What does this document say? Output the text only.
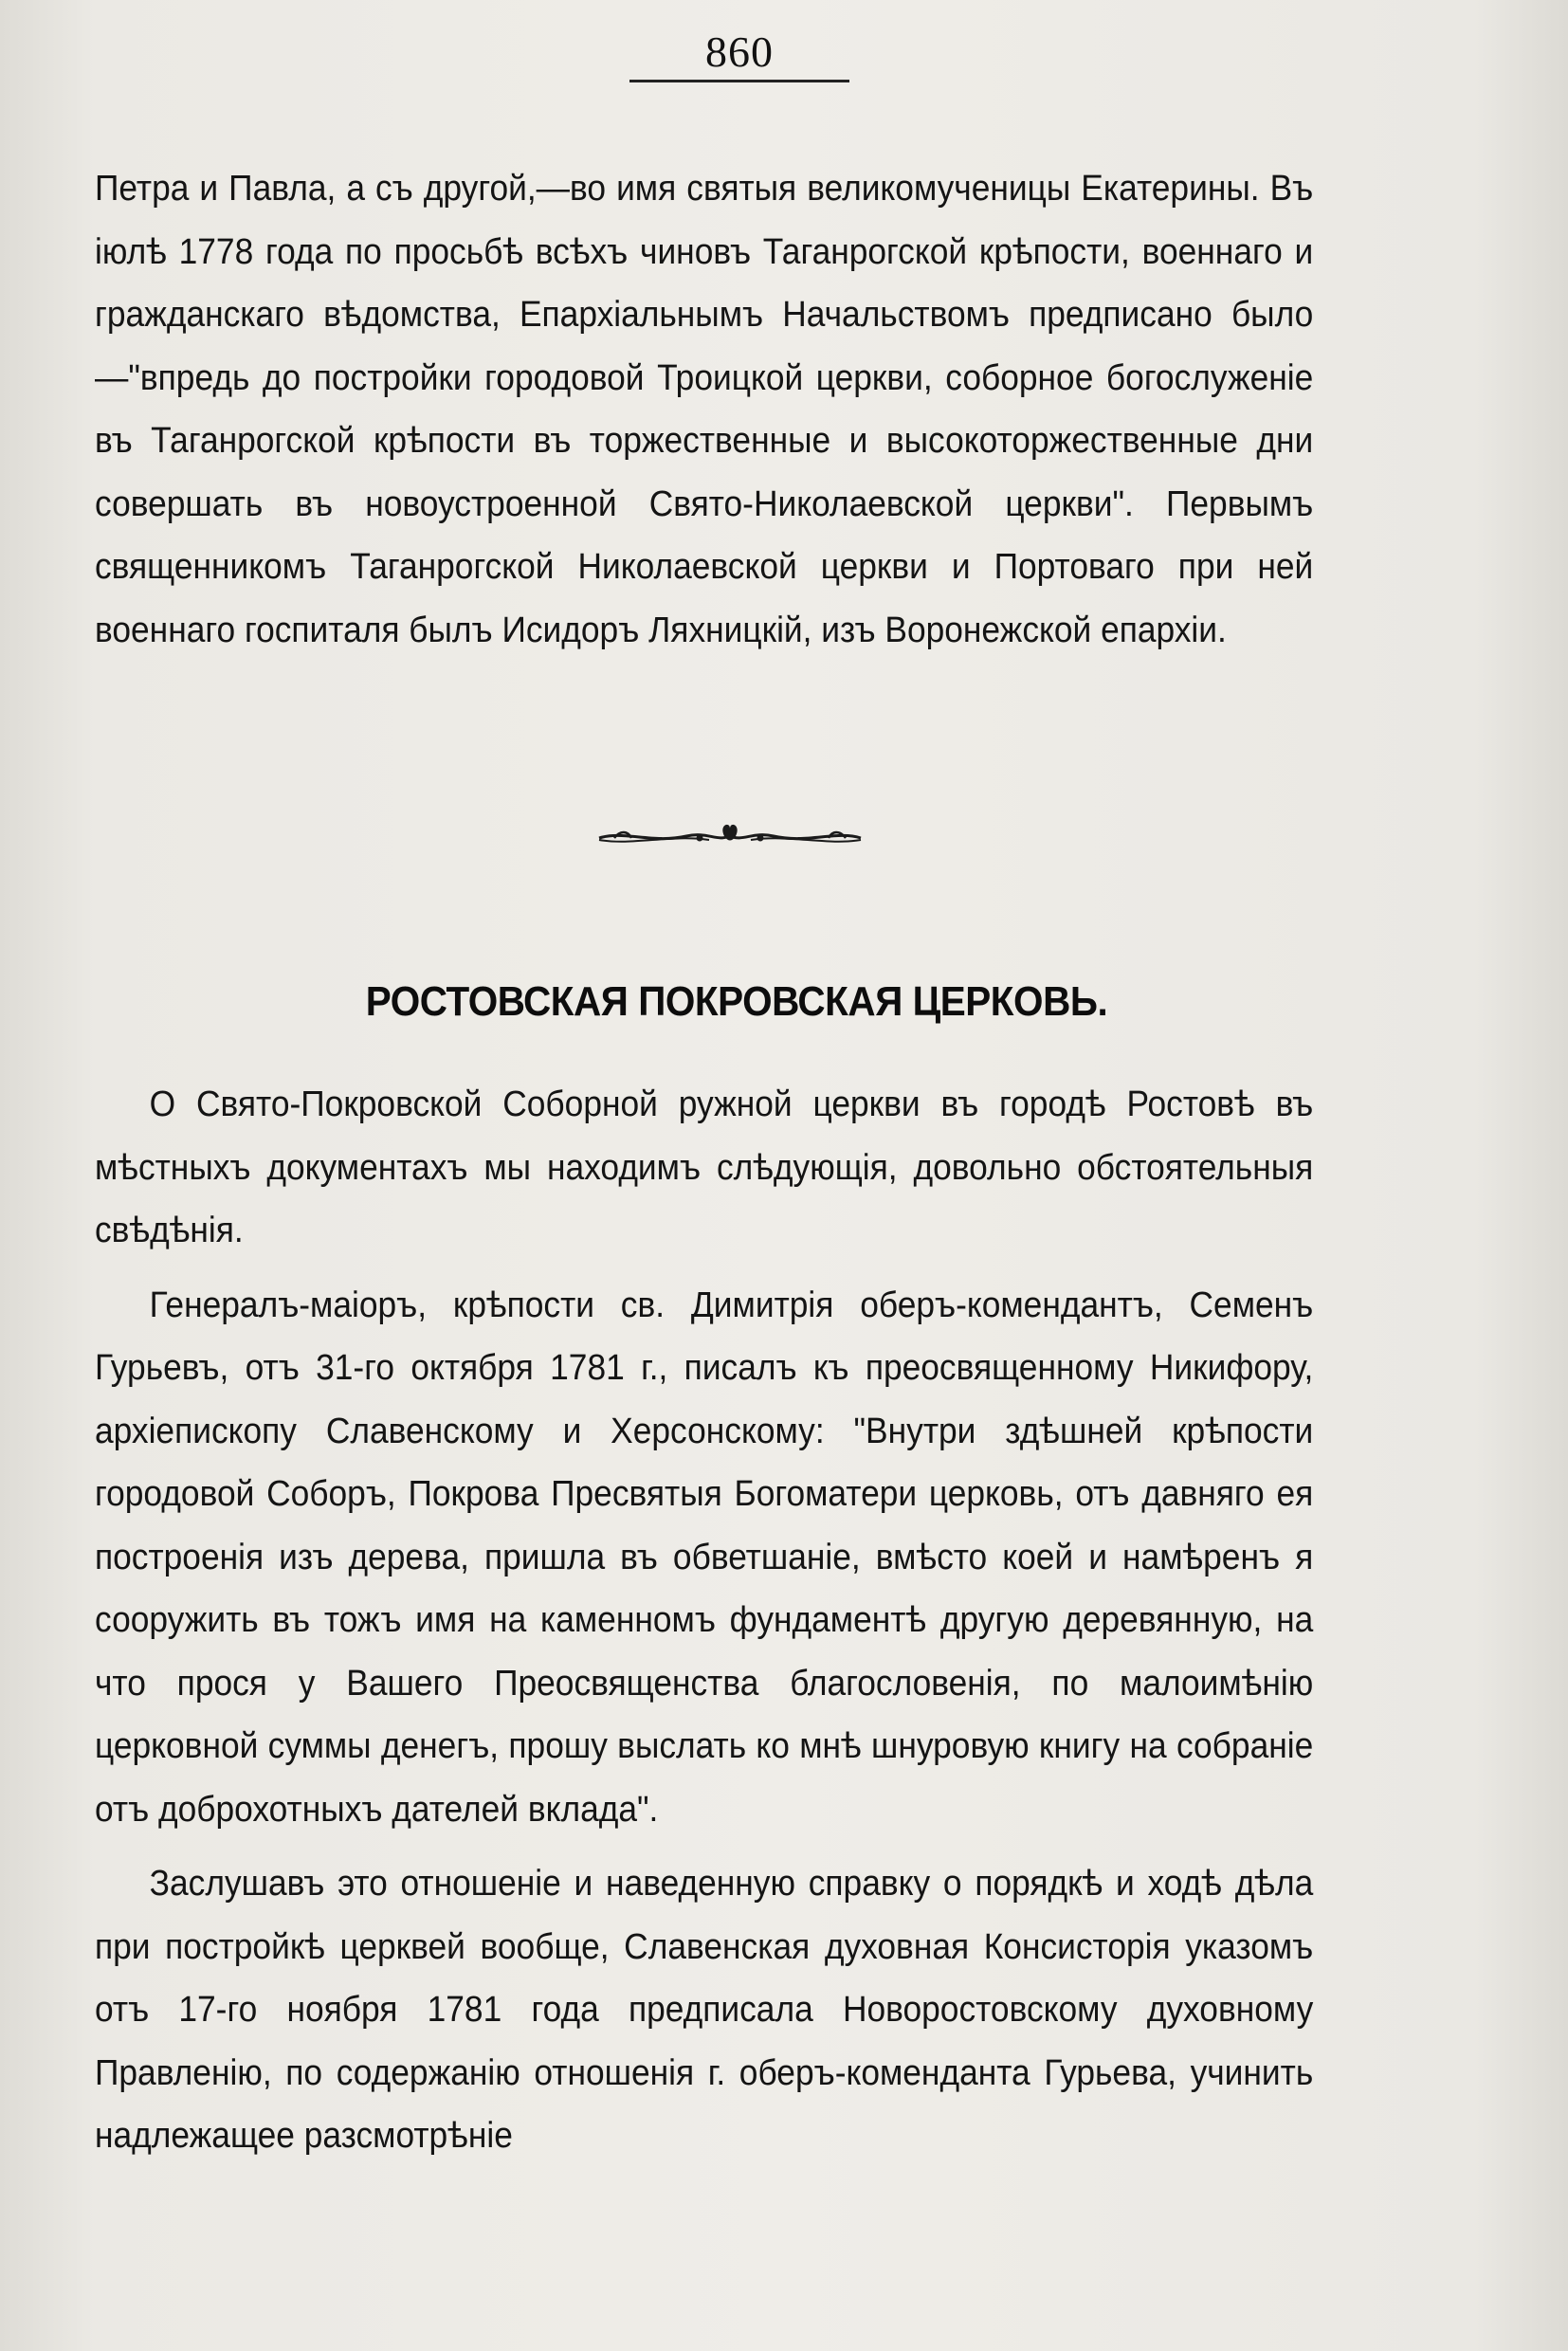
860

Петра и Павла, а съ другой,—во имя святыя великомученицы Екатерины. Въ іюлѣ 1778 года по просьбѣ всѣхъ чиновъ Таганрогской крѣпости, военнаго и гражданскаго вѣдомства, Епархіальнымъ Начальствомъ предписано было—"впредь до постройки городовой Троицкой церкви, соборное богослуженіе въ Таганрогской крѣпости въ торжественные и высокоторжественные дни совершать въ новоустроенной Свято-Николаевской церкви". Первымъ священникомъ Таганрогской Николаевской церкви и Портоваго при ней военнаго госпиталя былъ Исидоръ Ляхницкій, изъ Воронежской епархіи.

РОСТОВСКАЯ ПОКРОВСКАЯ ЦЕРКОВЬ.

О Свято-Покровской Соборной ружной церкви въ городѣ Ростовѣ въ мѣстныхъ документахъ мы находимъ слѣдующія, довольно обстоятельныя свѣдѣнія.

Генералъ-маіоръ, крѣпости св. Димитрія оберъ-комендантъ, Семенъ Гурьевъ, отъ 31-го октября 1781 г., писалъ къ преосвященному Никифору, архіепископу Славенскому и Херсонскому: "Внутри здѣшней крѣпости городовой Соборъ, Покрова Пресвятыя Богоматери церковь, отъ давняго ея построенія изъ дерева, пришла въ обветшаніе, вмѣсто коей и намѣренъ я сооружить въ тожъ имя на каменномъ фундаментѣ другую деревянную, на что прося у Вашего Преосвященства благословенія, по малоимѣнію церковной суммы денегъ, прошу выслать ко мнѣ шнуровую книгу на собраніе отъ доброхотныхъ дателей вклада".

Заслушавъ это отношеніе и наведенную справку о порядкѣ и ходѣ дѣла при постройкѣ церквей вообще, Славенская духовная Консисторія указомъ отъ 17-го ноября 1781 года предписала Новоростовскому духовному Правленію, по содержанію отношенія г. оберъ-коменданта Гурьева, учинить надлежащее разсмотрѣніе
